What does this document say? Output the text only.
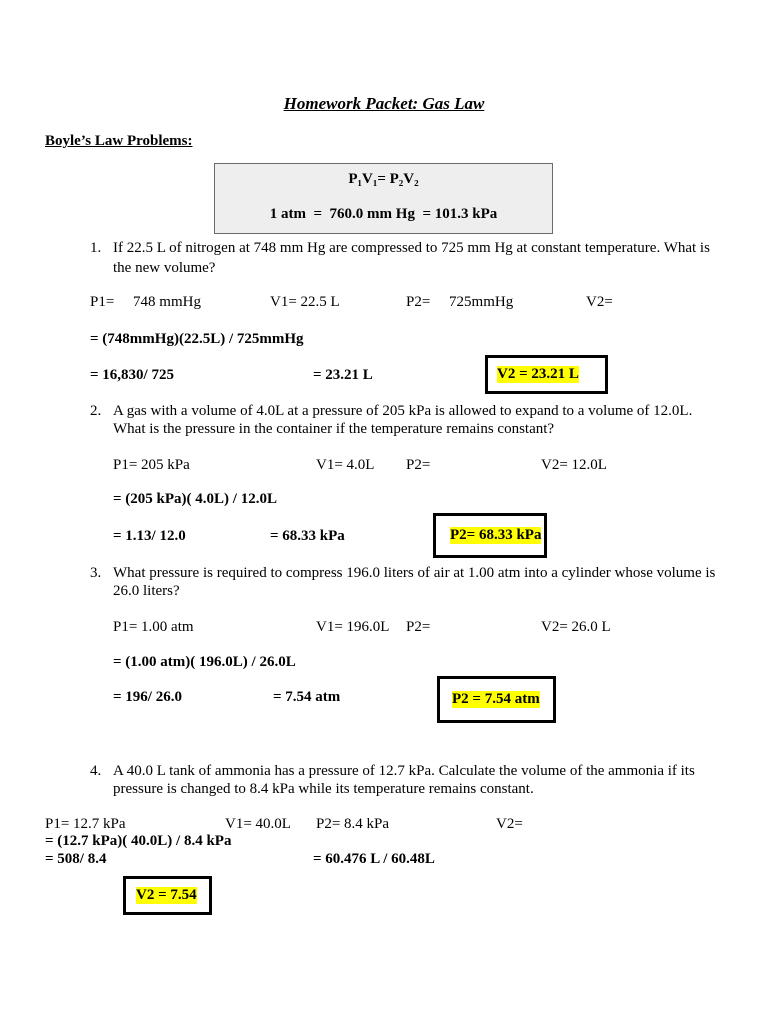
Homework Packet: Gas Law
Boyle’s Law Problems:
P₁V₁= P₂V₂
1 atm  =  760.0 mm Hg  = 101.3 kPa
1. If 22.5 L of nitrogen at 748 mm Hg are compressed to 725 mm Hg at constant temperature. What is
the new volume?
P1=     748 mmHg	V1= 22.5 L	P2=     725mmHg	V2=
= (748mmHg)(22.5L) / 725mmHg
= 16,830/ 725	= 23.21 L	V2 = 23.21 L
2. A gas with a volume of 4.0L at a pressure of 205 kPa is allowed to expand to a volume of 12.0L.
What is the pressure in the container if the temperature remains constant?
P1= 205 kPa	V1= 4.0L P2=	V2= 12.0L
= (205 kPa)( 4.0L) / 12.0L
= 1.13/ 12.0	= 68.33 kPa	P2= 68.33 kPa
3. What pressure is required to compress 196.0 liters of air at 1.00 atm into a cylinder whose volume is
26.0 liters?
P1= 1.00 atm	V1= 196.0L P2=	V2= 26.0 L
= (1.00 atm)( 196.0L) / 26.0L
= 196/ 26.0	= 7.54 atm	P2 = 7.54 atm
4. A 40.0 L tank of ammonia has a pressure of 12.7 kPa. Calculate the volume of the ammonia if its
pressure is changed to 8.4 kPa while its temperature remains constant.
P1= 12.7 kPa	V1= 40.0L P2= 8.4 kPa	V2=
= (12.7 kPa)( 40.0L) / 8.4 kPa
= 508/ 8.4	= 60.476 L / 60.48L
V2 = 7.54
